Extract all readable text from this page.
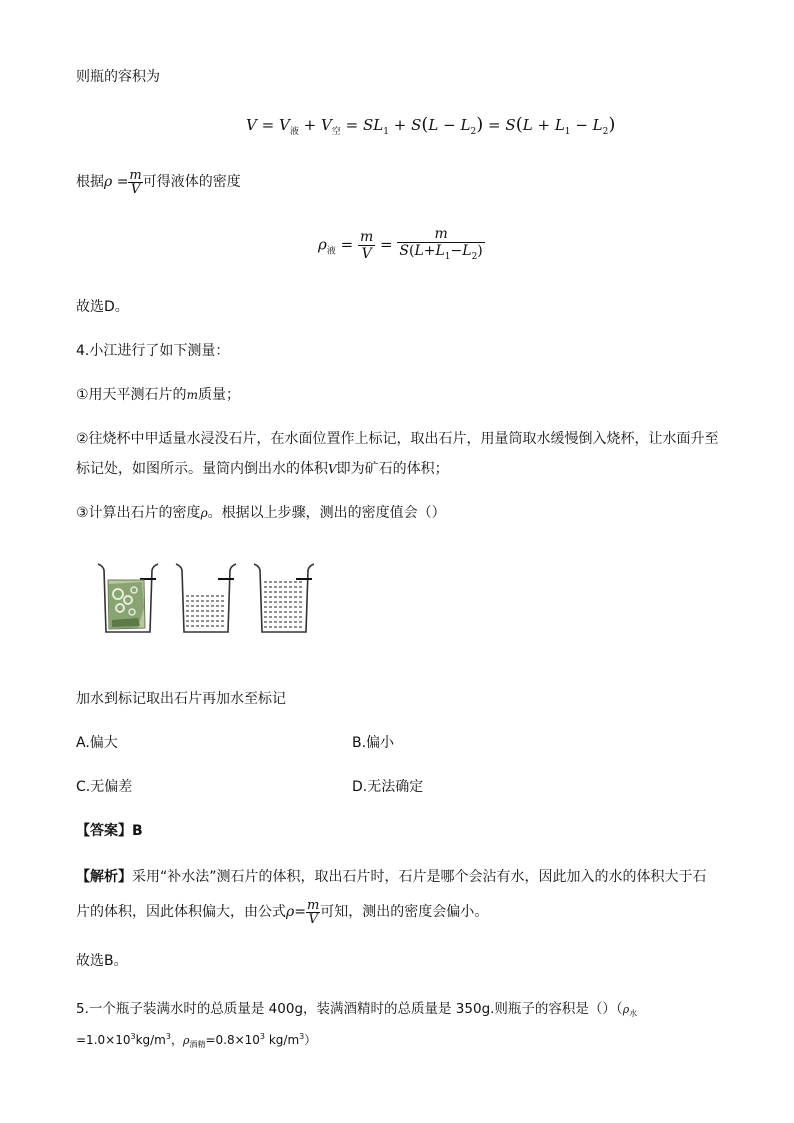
则瓶的容积为
$V = V_液 + V_空 = SL_1 + S(L - L_2) = S(L + L_1 - L_2)$
根据$\rho = \frac{m}{V}$ 可得液体的密度
$\rho_液 = \frac{m}{V} = \frac{m}{S(L+L_1-L_2)}$
故选D。
4.小江进行了如下测量：
①用天平测石片的m质量；
②往烧杯中甲适量水浸没石片，在水面位置作上标记，取出石片，用量筒取水缓慢倒入烧杯，让水面升至
标记处，如图所示。量筒内倒出水的体积V即为矿石的体积；
③计算出石片的密度ρ。根据以上步骤，测出的密度值会（）
加水到标记取出石片再加水至标记
A.偏大	B.偏小
C.无偏差	D.无法确定
【答案】B
【解析】采用“补水法”测石片的体积，取出石片时，石片是哪个会沾有水，因此加入的水的体积大于石
片的体积，因此体积偏大，由公式$\rho= \frac{m}{V}$ 可知，测出的密度会偏小。
故选B。
5.一个瓶子装满水时的总质量是 400g，装满酒精时的总质量是 350g.则瓶子的容积是$()(\rho_水$
$=1.0\times 10^3kg/m^3$，$\rho_{酒精}=0.8\times 10^3$ $kg/m^3$）
